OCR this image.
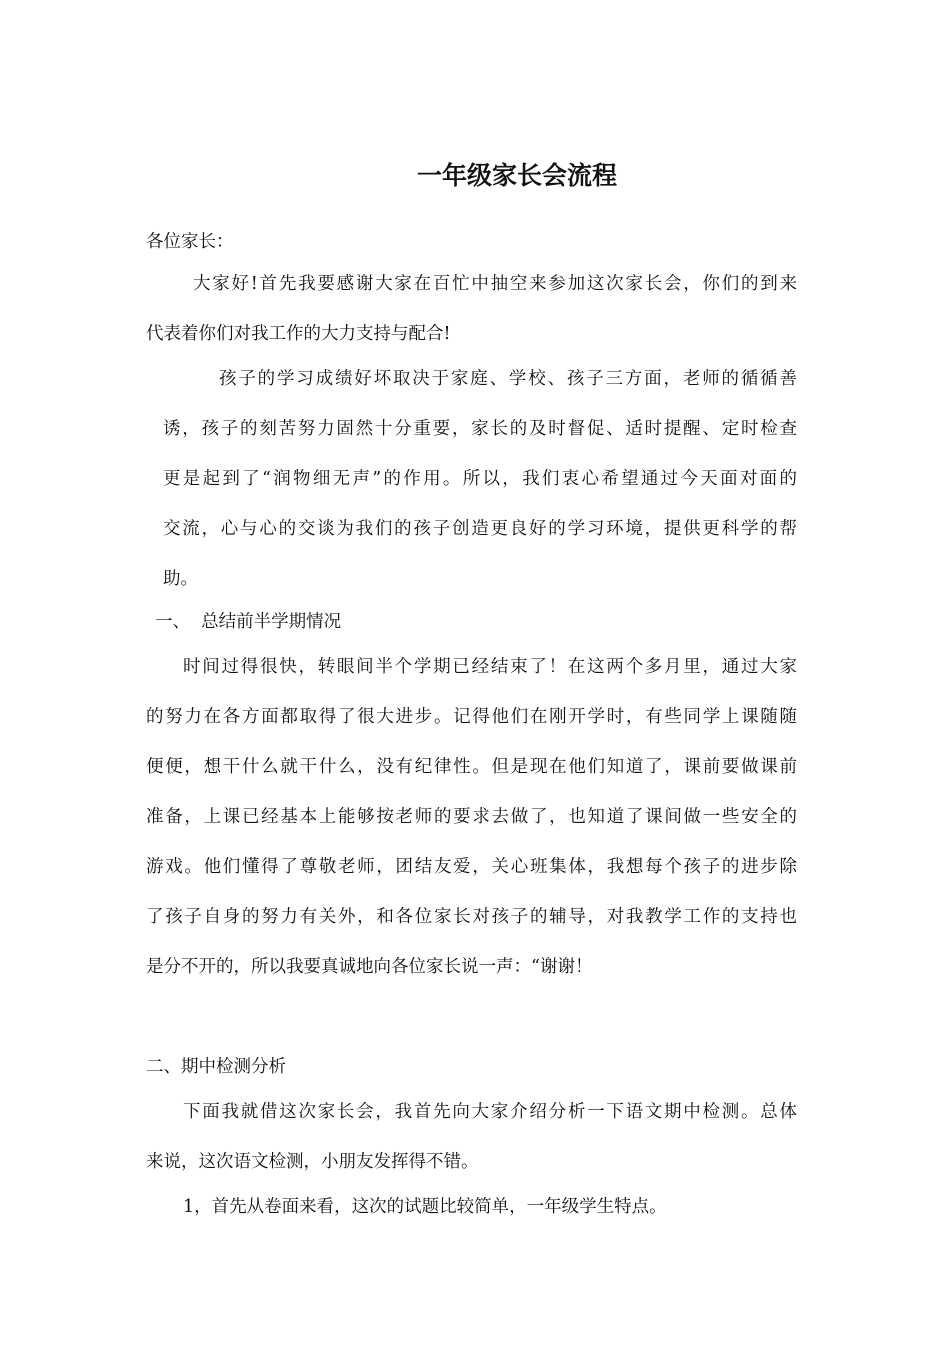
一年级家长会流程
各位家长：
大家好!首先我要感谢大家在百忙中抽空来参加这次家长会，你们的到来
代表着你们对我工作的大力支持与配合!
孩子的学习成绩好坏取决于家庭、学校、孩子三方面，老师的循循善
诱，孩子的刻苦努力固然十分重要，家长的及时督促、适时提醒、定时检查
更是起到了“润物细无声”的作用。所以，我们衷心希望通过今天面对面的
交流，心与心的交谈为我们的孩子创造更良好的学习环境，提供更科学的帮
助。
一、  总结前半学期情况
时间过得很快，转眼间半个学期已经结束了！在这两个多月里，通过大家
的努力在各方面都取得了很大进步。记得他们在刚开学时，有些同学上课随随
便便，想干什么就干什么，没有纪律性。但是现在他们知道了，课前要做课前
准备，上课已经基本上能够按老师的要求去做了，也知道了课间做一些安全的
游戏。他们懂得了尊敬老师，团结友爱，关心班集体，我想每个孩子的进步除
了孩子自身的努力有关外，和各位家长对孩子的辅导，对我教学工作的支持也
是分不开的，所以我要真诚地向各位家长说一声：“谢谢！
二、期中检测分析
下面我就借这次家长会，我首先向大家介绍分析一下语文期中检测。总体
来说，这次语文检测，小朋友发挥得不错。
1，首先从卷面来看，这次的试题比较简单，一年级学生特点。
